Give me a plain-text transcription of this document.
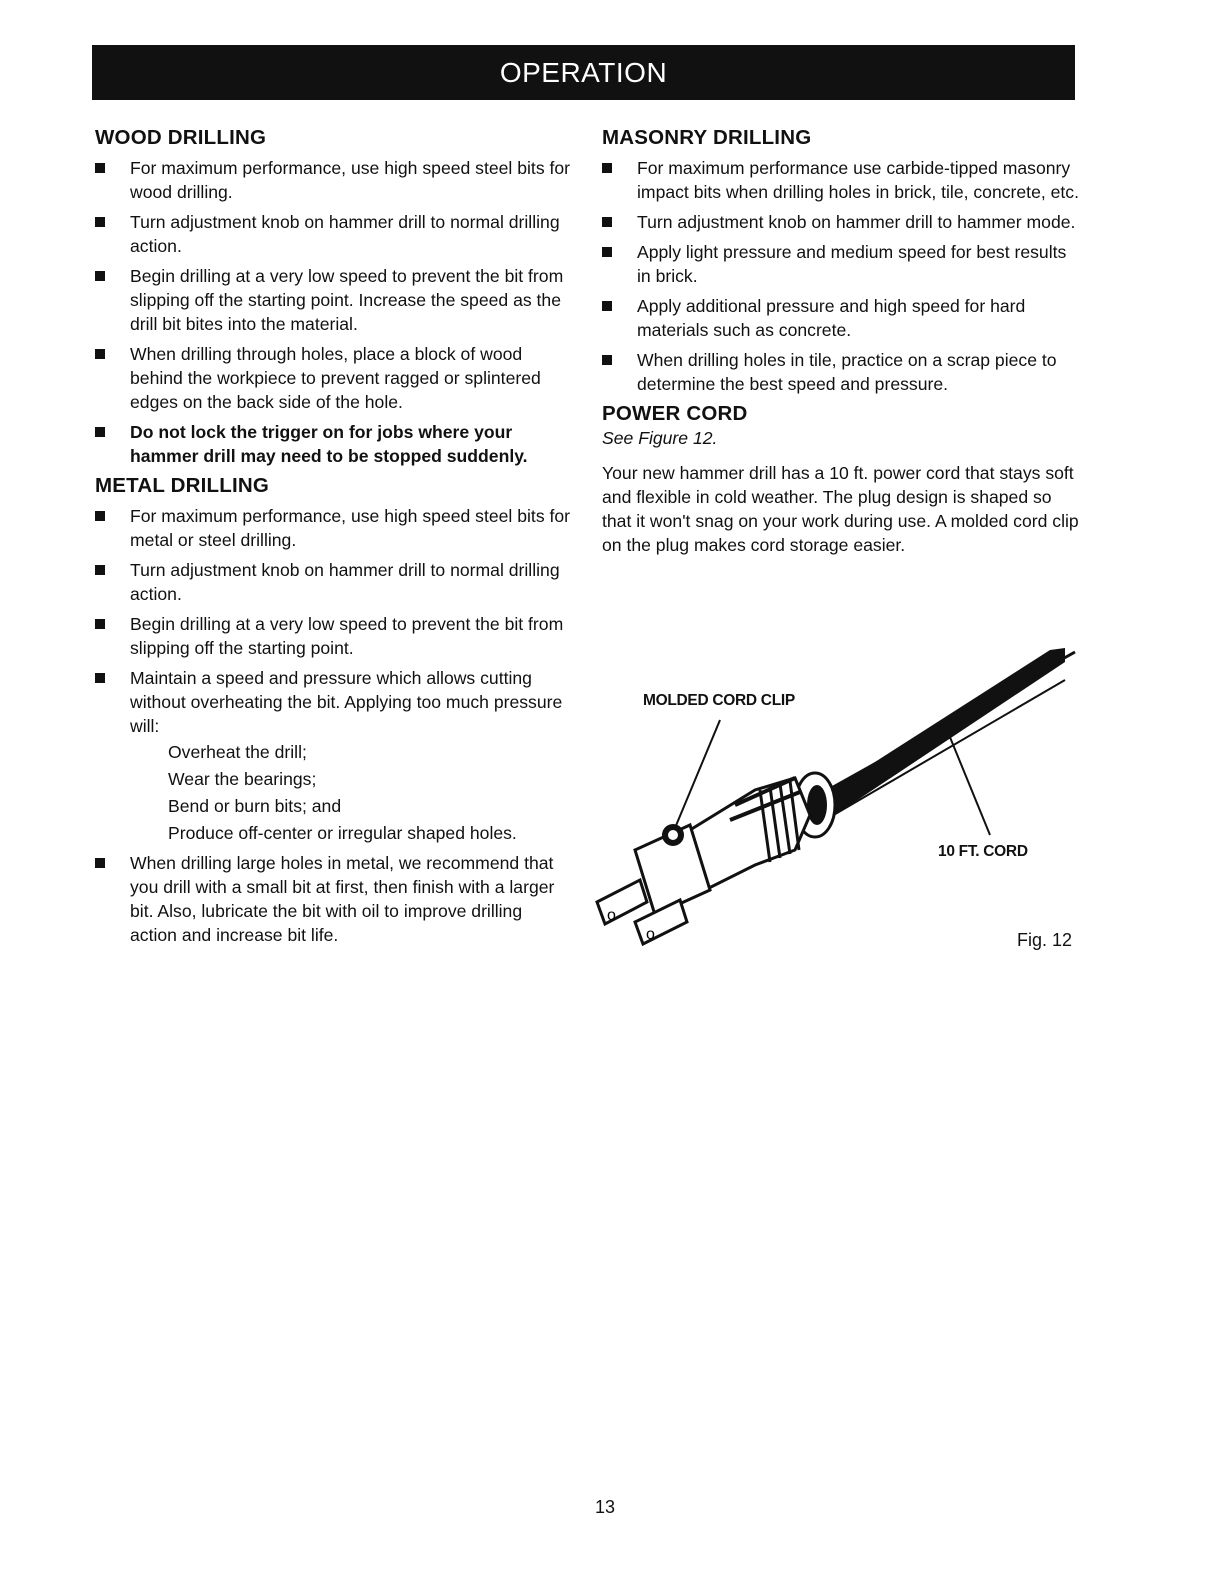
OPERATION
WOOD DRILLING
For maximum performance, use high speed steel bits for wood drilling.
Turn adjustment knob on hammer drill to normal drilling action.
Begin drilling at a very low speed to prevent the bit from slipping off the starting point. Increase the speed as the drill bit bites into the material.
When drilling through holes, place a block of wood behind the workpiece to prevent ragged or splintered edges on the back side of the hole.
Do not lock the trigger on for jobs where your hammer drill may need to be stopped suddenly.
METAL DRILLING
For maximum performance, use high speed steel bits for metal or steel drilling.
Turn adjustment knob on hammer drill to normal drilling action.
Begin drilling at a very low speed to prevent the bit from slipping off the starting point.
Maintain a speed and pressure which allows cutting without overheating the bit. Applying too much pressure will:
Overheat the drill;
Wear the bearings;
Bend or burn bits; and
Produce off-center or irregular shaped holes.
When drilling large holes in metal, we recommend that you drill with a small bit at first, then finish with a larger bit. Also, lubricate the bit with oil to improve drilling action and increase bit life.
MASONRY DRILLING
For maximum performance use carbide-tipped masonry impact bits when drilling holes in brick, tile, concrete, etc.
Turn adjustment knob on hammer drill to hammer mode.
Apply light pressure and medium speed for best results in brick.
Apply additional pressure and high speed for hard materials such as concrete.
When drilling holes in tile, practice on a scrap piece to determine the best speed and pressure.
POWER CORD

See Figure 12.

Your new hammer drill has a 10 ft. power cord that stays soft and flexible in cold weather. The plug design is shaped so that it won't snag on your work during use. A molded cord clip on the plug makes cord storage easier.

o
o
MOLDED CORD CLIP
10 FT. CORD
Fig. 12
13
